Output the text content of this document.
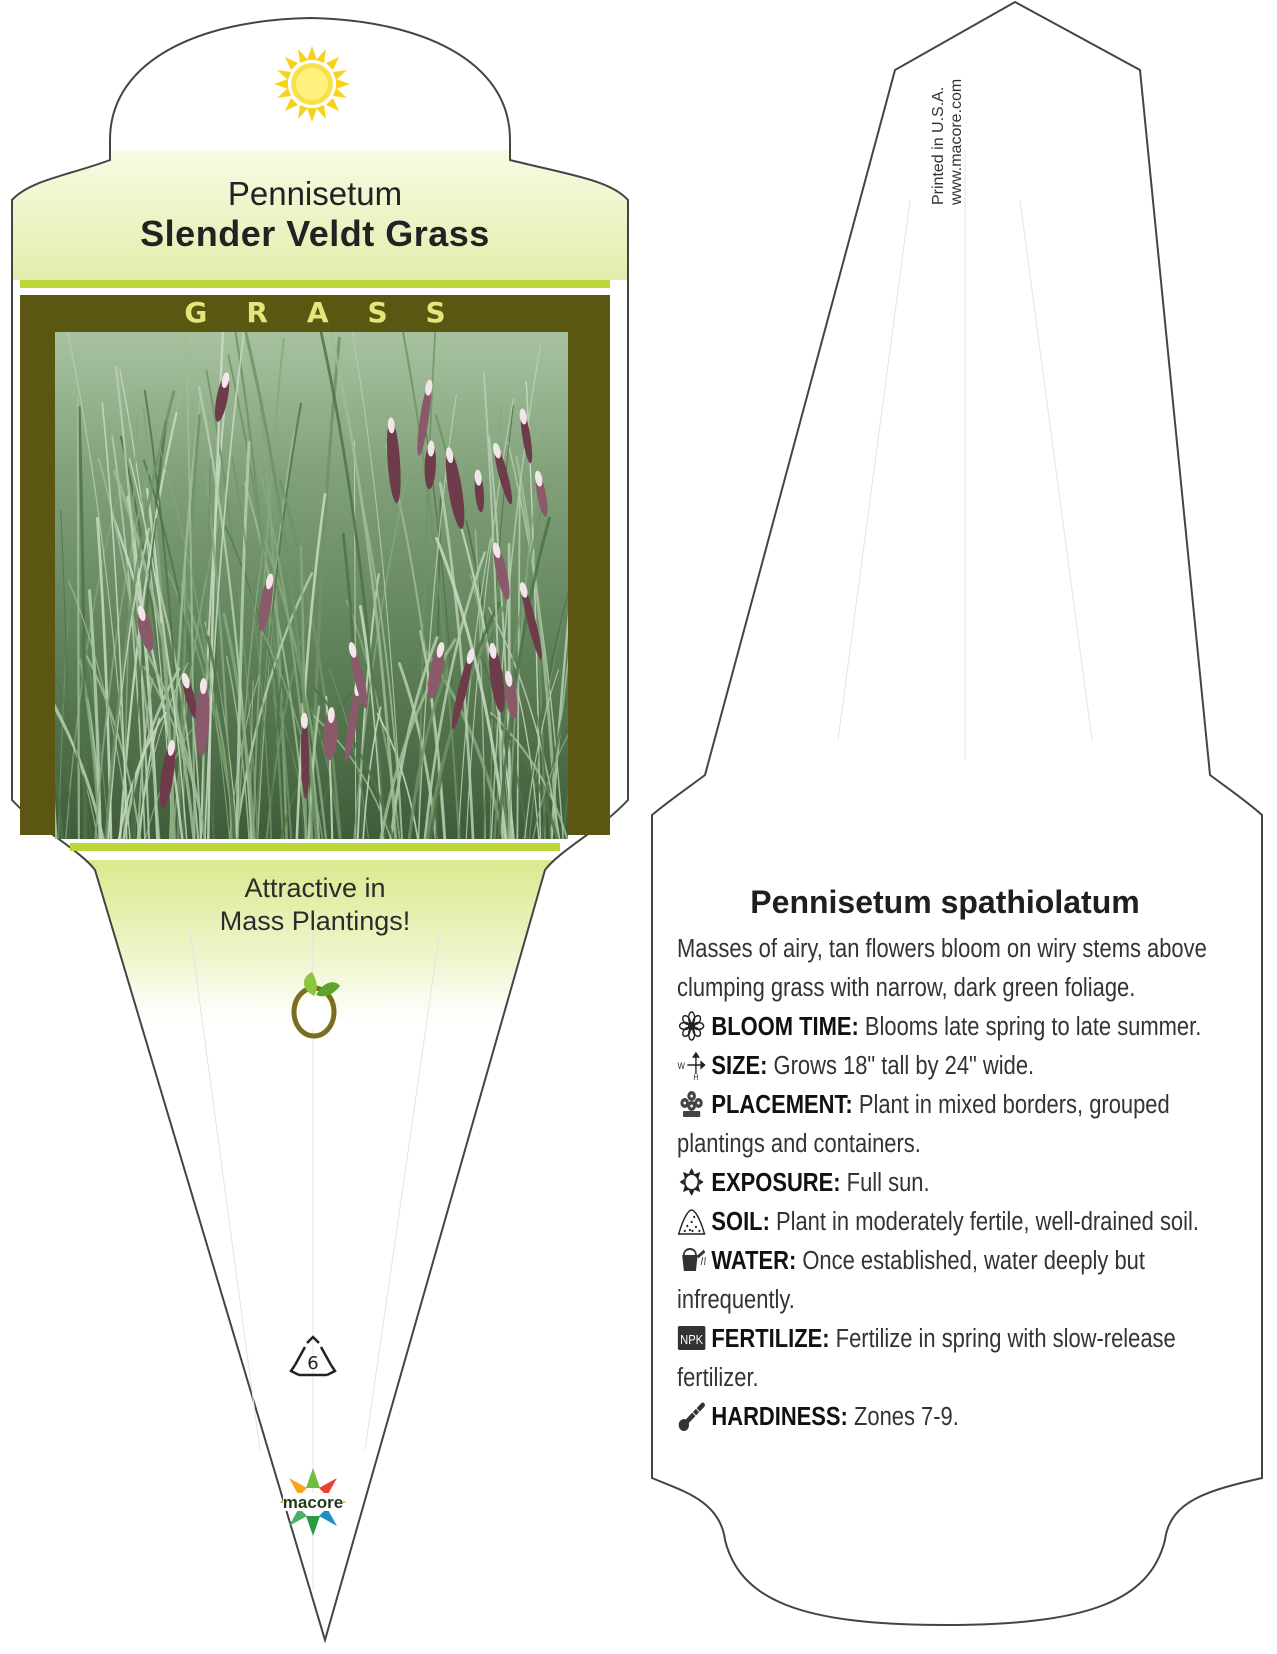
Pennisetum
Slender Veldt Grass
GRASS
Attractive in
Mass Plantings!
6
macore
Printed in U.S.A. www.macore.com
Pennisetum spathiolatum
Masses of airy, tan flowers bloom on wiry stems above clumping grass with narrow, dark green foliage.
BLOOM TIME: Blooms late spring to late summer.
W
H SIZE: Grows 18" tall by 24" wide.
PLACEMENT: Plant in mixed borders, grouped plantings and containers.
EXPOSURE: Full sun.
SOIL: Plant in moderately fertile, well-drained soil.
WATER: Once established, water deeply but infrequently.
NPK FERTILIZE: Fertilize in spring with slow-release fertilizer.
HARDINESS: Zones 7-9.
